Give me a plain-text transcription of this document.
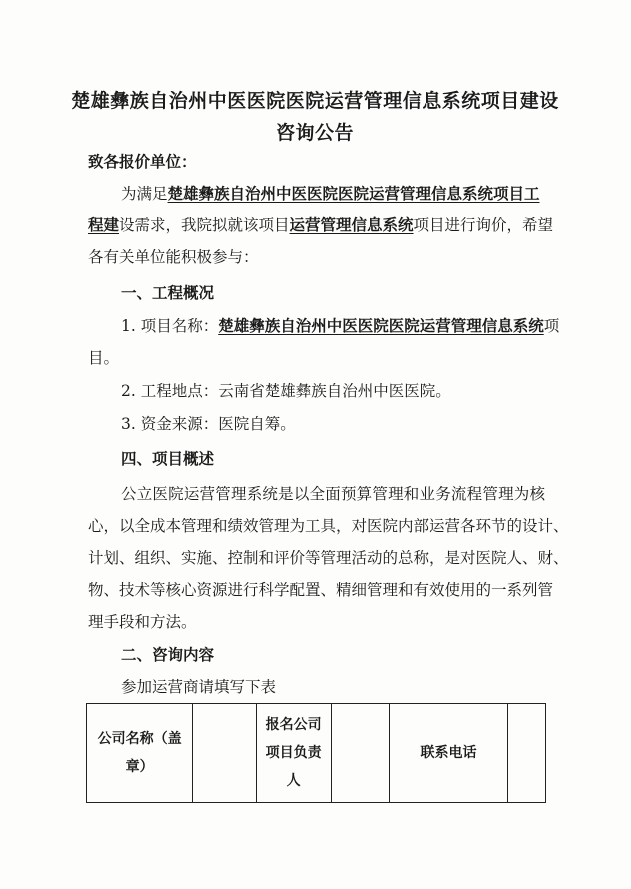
楚雄彝族自治州中医医院医院运营管理信息系统项目建设
咨询公告
致各报价单位：
为满足楚雄彝族自治州中医医院医院运营管理信息系统项目工
程建设需求，我院拟就该项目运营管理信息系统项目进行询价，希望
各有关单位能积极参与：
一、工程概况
1. 项目名称：楚雄彝族自治州中医医院医院运营管理信息系统项
目。
2. 工程地点：云南省楚雄彝族自治州中医医院。
3. 资金来源：医院自筹。
四、项目概述
公立医院运营管理系统是以全面预算管理和业务流程管理为核
心，以全成本管理和绩效管理为工具，对医院内部运营各环节的设计、
计划、组织、实施、控制和评价等管理活动的总称，是对医院人、财、
物、技术等核心资源进行科学配置、精细管理和有效使用的一系列管
理手段和方法。
二、咨询内容
参加运营商请填写下表
公司名称（盖章）		报名公司项目负责人		联系电话	
